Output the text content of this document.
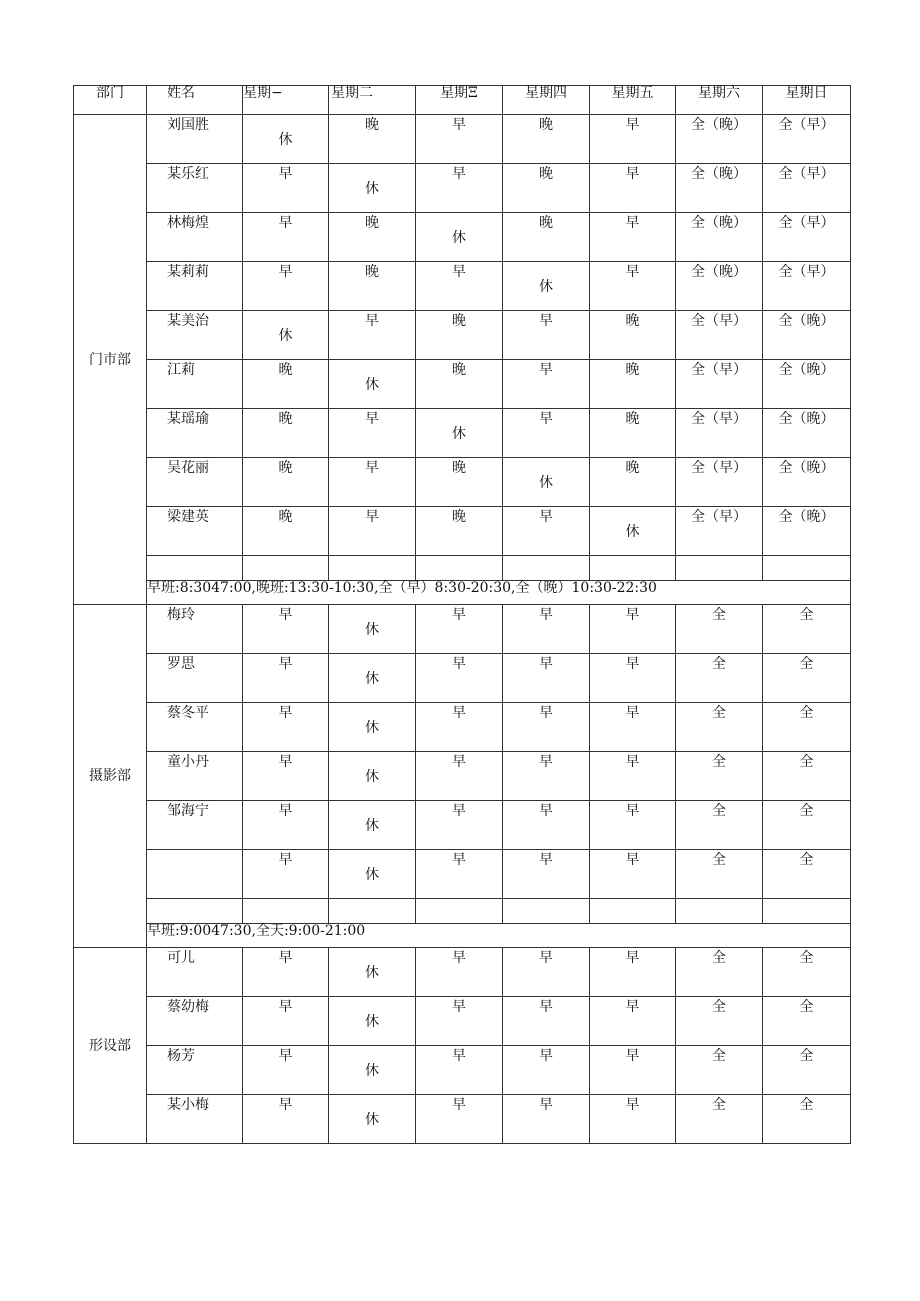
部门	姓名	星期−	星期二	星期Ξ	星期四	星期五	星期六	星期日
门市部	刘国胜	休	晚	早	晚	早	全（晚）	全（早）

	某乐红	早	休	早	晚	早	全（晚）	全（早）

	林梅煌	早	晚	休	晚	早	全（晚）	全（早）

	某莉莉	早	晚	早	休	早	全（晚）	全（早）

	某美治	休	早	晚	早	晚	全（早）	全（晚）

	江莉	晚	休	晚	早	晚	全（早）	全（晚）

	某瑶瑜	晚	早	休	早	晚	全（早）	全（晚）

	吴花丽	晚	早	晚	休	晚	全（早）	全（晚）

	梁建英	晚	早	晚	早	休	全（早）	全（晚）

	早班:8:3047:00,晚班:13:30-10:30,全（早）8:30-20:30,全（晚）10:30-22:30							
摄影部	梅玲	早	休	早	早	早	全	全

	罗思	早	休	早	早	早	全	全

	蔡冬平	早	休	早	早	早	全	全

	童小丹	早	休	早	早	早	全	全

	邹海宁	早	休	早	早	早	全	全

		早	休	早	早	早	全	全

	早班:9:0047:30,全天:9:00-21:00							
形设部	可儿	早	休	早	早	早	全	全

	蔡幼梅	早	休	早	早	早	全	全

	杨芳	早	休	早	早	早	全	全

	某小梅	早	休	早	早	早	全	全
